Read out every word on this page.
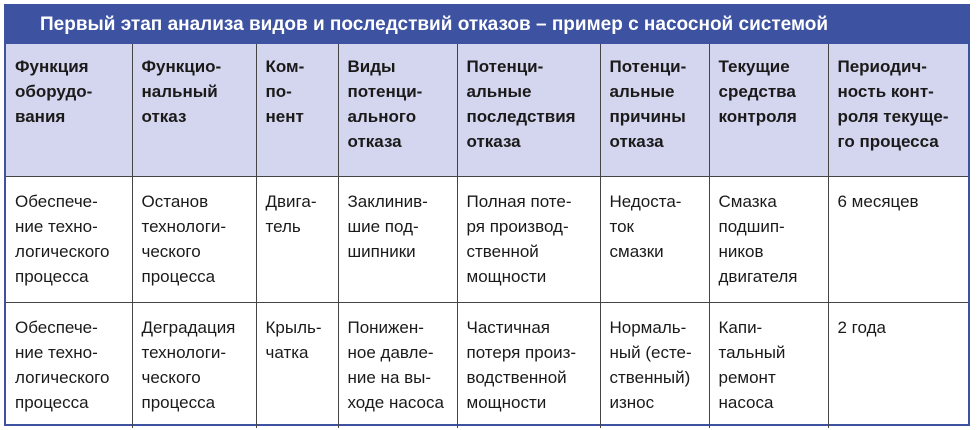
Первый этап анализа видов и последствий отказов – пример с насосной системой
Функция
оборудо-
вания	Функцио-
нальный
отказ	Ком-
по-
нент	Виды
потенци-
ального
отказа	Потенци-
альные
последствия
отказа	Потенци-
альные
причины
отказа	Текущие
средства
контроля	Периодич-
ность конт-
роля текуще-
го процесса

Обеспече-
ние техно-
логического
процесса	Останов
технологи-
ческого
процесса	Двига-
тель	Заклинив-
шие под-
шипники	Полная поте-
ря производ-
ственной
мощности	Недоста-
ток
смазки	Смазка
подшип-
ников
двигателя	6 месяцев

Обеспече-
ние техно-
логического
процесса	Деградация
технологи-
ческого
процесса	Крыль-
чатка	Понижен-
ное давле-
ние на вы-
ходе насоса	Частичная
потеря произ-
водственной
мощности	Нормаль-
ный (есте-
ственный)
износ	Капи-
тальный
ремонт
насоса	2 года
